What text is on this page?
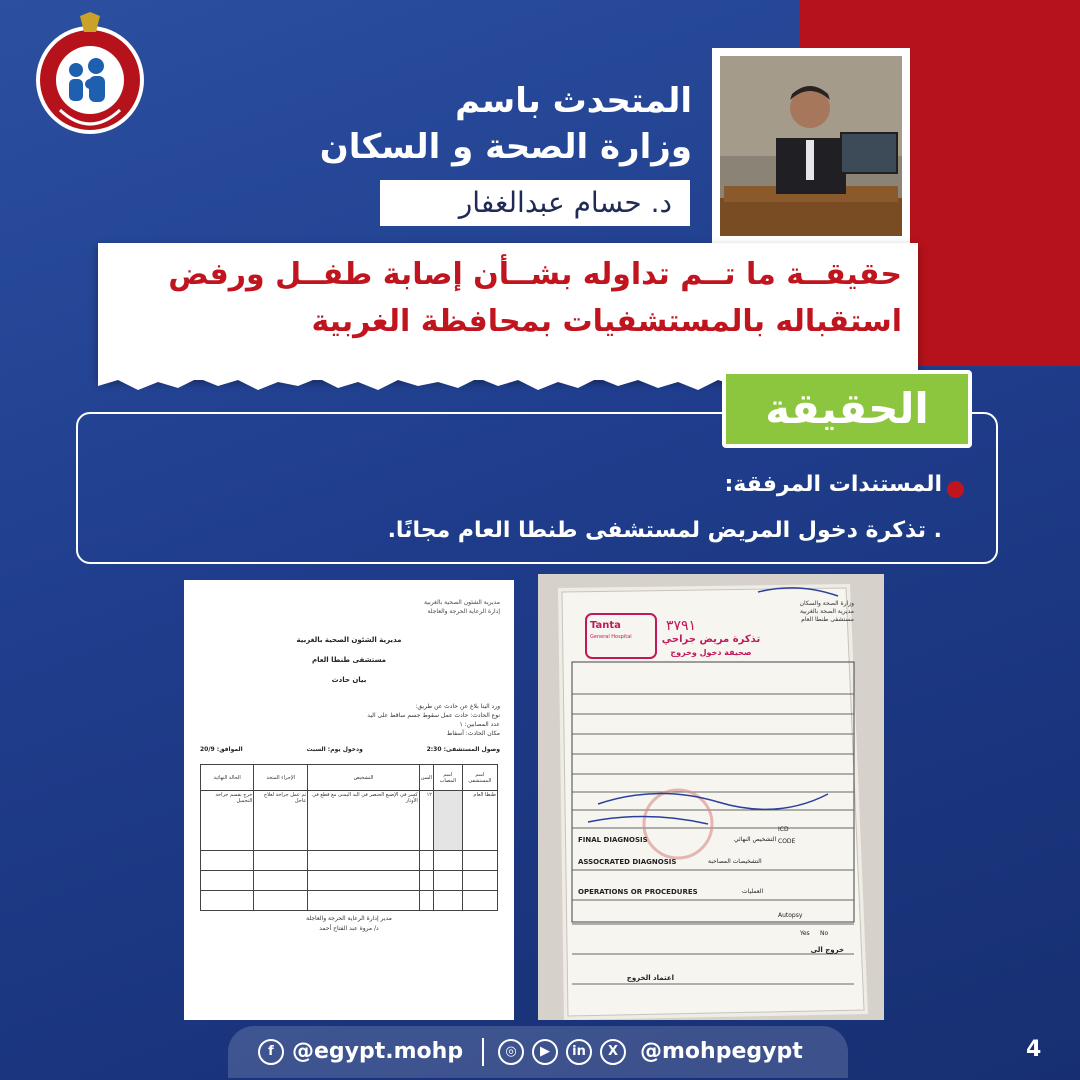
المتحدث باسم
وزارة الصحة و السكان
د. حسام عبدالغفار
حقيقــة ما تــم تداوله بشــأن إصابة طفــل ورفض
استقباله بالمستشفيات بمحافظة الغربية
الحقيقة
المستندات المرفقة:
. تذكرة دخول المريض لمستشفى طنطا العام مجانًا.
مديرية الشئون الصحية بالغربية
إدارة الرعاية الحرجة والعاجلة
مديرية الشئون الصحية بالغربية
مستشفى طنطا العام
بيان حادث
ورد الينا بلاغ عن حادث عن طريق:
نوع الحادث: حادث عمل سقوط جسم ساقط على اليد
عدد المصابين: ١
مكان الحادث: أسفاط
وصول المستشفى: 2:30
ودخول يوم: السبت
الموافق: 20/9
اسم المستشفى	اسم المصاب	السن	التشخيص	الإجراء المتخذ	الحالة النهائية
طنطا العام		١٢	كسر في الإصبع الخنصر في اليد اليمنى مع قطع في الأوتار	تم عمل جراحة لعلاج عاجل	خرج بقسم جراحة التجميل

مدير إدارة الرعاية الحرجة والعاجلة
د/ مروة عبد الفتاح أحمد
Tanta
General Hospital
٣٧٩١
وزارة الصحة والسكان
مديرية الصحة بالغربية
مستشفى طنطا العام
تذكرة مريض جراحي
صحيفة دخول وخروج
FINAL DIAGNOSIS	التشخيص النهائي
ICD
CODE
ASSOCRATED DIAGNOSIS	التشخيصات المصاحبة
OPERATIONS OR PROCEDURES	العمليات
Autopsy
Yes No
خروج الى
اعتماد الخروج
f @egypt.mohp	◎	▶	in	X @mohpegypt	4
